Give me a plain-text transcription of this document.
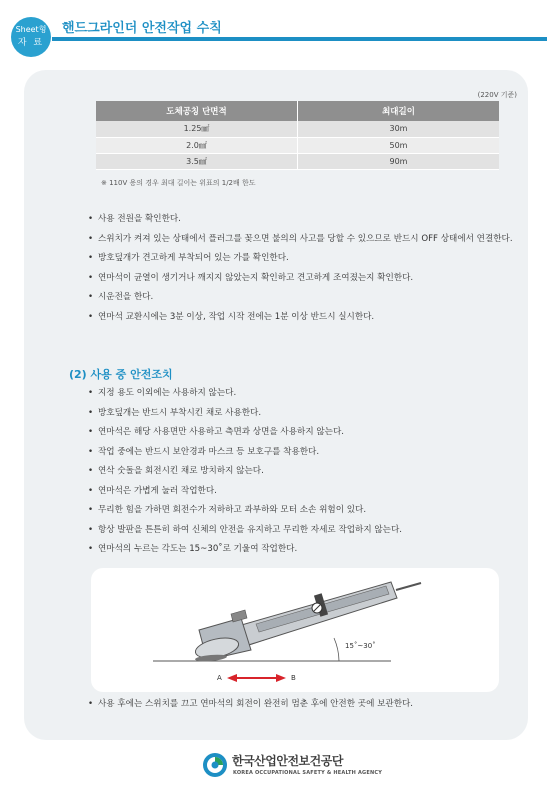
Sheet형
자 료
핸드그라인더 안전작업 수칙
(220V 기준)
도체공칭 단면적	최대길이
1.25㎟	30m
2.0㎟	50m
3.5㎟	90m
※ 110V 용의 경우 최대 길이는 위표의 1/2배 한도
• 사용 전원을 확인한다.
• 스위치가 켜져 있는 상태에서 플러그를 꽂으면 불의의 사고를 당할 수 있으므로 반드시 OFF 상태에서 연결한다.
• 방호덮개가 견고하게 부착되어 있는 가를 확인한다.
• 연마석이 균열이 생기거나 깨지지 않았는지 확인하고 견고하게 조여졌는지 확인한다.
• 시운전을 한다.
• 연마석 교환시에는 3분 이상, 작업 시작 전에는 1분 이상 반드시 실시한다.
(2) 사용 중 안전조치
• 지정 용도 이외에는 사용하지 않는다.
• 방호덮개는 반드시 부착시킨 채로 사용한다.
• 연마석은 해당 사용면만 사용하고 측면과 상면을 사용하지 않는다.
• 작업 중에는 반드시 보안경과 마스크 등 보호구를 착용한다.
• 연삭 숫돌을 회전시킨 채로 방치하지 않는다.
• 연마석은 가볍게 눌러 작업한다.
• 무리한 힘을 가하면 회전수가 저하하고 과부하와 모터 소손 위험이 있다.
• 항상 발판을 튼튼히 하여 신체의 안전을 유지하고 무리한 자세로 작업하지 않는다.
• 연마석의 누르는 각도는 15~30˚로 기울여 작업한다.
15˚~30˚
A	B
• 사용 후에는 스위치를 끄고 연마석의 회전이 완전히 멈춘 후에 안전한 곳에 보관한다.
한국산업안전보건공단
KOREA OCCUPATIONAL SAFETY & HEALTH AGENCY
